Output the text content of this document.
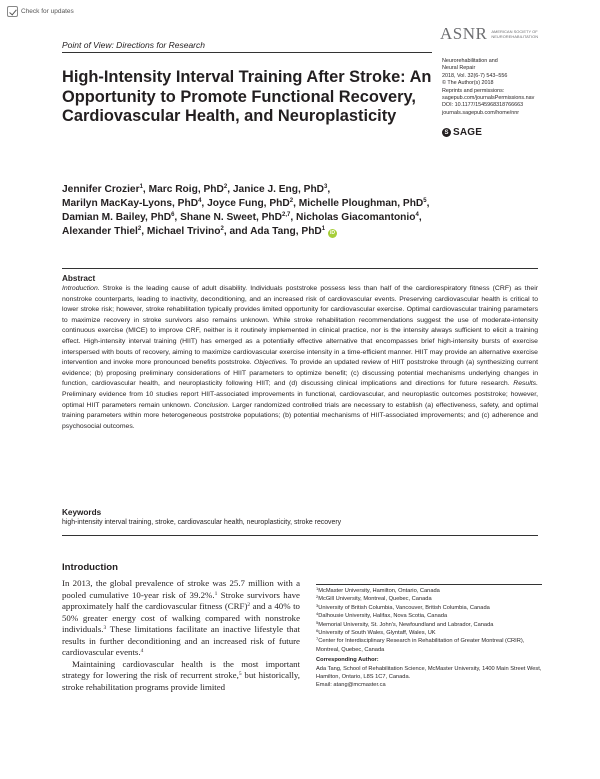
Check for updates
Point of View: Directions for Research
ASNR AMERICAN SOCIETY OF NEUROREHABILITATION
Neurorehabilitation and
Neural Repair
2018, Vol. 32(6-7) 543–556
© The Author(s) 2018
Reprints and permissions:
sagepub.com/journalsPermissions.nav
DOI: 10.1177/1545968318766663
journals.sagepub.com/home/nnr
S SAGE
High-Intensity Interval Training After Stroke: An Opportunity to Promote Functional Recovery, Cardiovascular Health, and Neuroplasticity
Jennifer Crozier$^1$, Marc Roig, PhD$^2$, Janice J. Eng, PhD$^3$,
Marilyn MacKay-Lyons, PhD$^4$, Joyce Fung, PhD$^2$, Michelle Ploughman, PhD$^5$,
Damian M. Bailey, PhD$^6$, Shane N. Sweet, PhD$^{2,7}$, Nicholas Giacomantonio$^4$,
Alexander Thiel$^2$, Michael Trivino$^2$, and Ada Tang, PhD$^1$ iD
Abstract
Introduction. Stroke is the leading cause of adult disability. Individuals poststroke possess less than half of the cardiorespiratory fitness (CRF) as their nonstroke counterparts, leading to inactivity, deconditioning, and an increased risk of cardiovascular events. Preserving cardiovascular health is critical to lower stroke risk; however, stroke rehabilitation typically provides limited opportunity for cardiovascular exercise. Optimal cardiovascular training parameters to maximize recovery in stroke survivors also remains unknown. While stroke rehabilitation recommendations suggest the use of moderate-intensity continuous exercise (MICE) to improve CRF, neither is it routinely implemented in clinical practice, nor is the intensity always sufficient to elicit a training effect. High-intensity interval training (HIIT) has emerged as a potentially effective alternative that encompasses brief high-intensity bursts of exercise interspersed with bouts of recovery, aiming to maximize cardiovascular exercise intensity in a time-efficient manner. HIIT may provide an alternative exercise intervention and invoke more pronounced benefits poststroke. Objectives. To provide an updated review of HIIT poststroke through (a) synthesizing current evidence; (b) proposing preliminary considerations of HIIT parameters to optimize benefit; (c) discussing potential mechanisms underlying changes in function, cardiovascular health, and neuroplasticity following HIIT; and (d) discussing clinical implications and directions for future research. Results. Preliminary evidence from 10 studies report HIIT-associated improvements in functional, cardiovascular, and neuroplastic outcomes poststroke; however, optimal HIIT parameters remain unknown. Conclusion. Larger randomized controlled trials are necessary to establish (a) effectiveness, safety, and optimal training parameters within more heterogeneous poststroke populations; (b) potential mechanisms of HIIT-associated improvements; and (c) adherence and psychosocial outcomes.
Keywords
high-intensity interval training, stroke, cardiovascular health, neuroplasticity, stroke recovery
Introduction

In 2013, the global prevalence of stroke was 25.7 million with a pooled cumulative 10-year risk of 39.2%.$^1$ Stroke survivors have approximately half the cardiovascular fitness (CRF)$^2$ and a 40% to 50% greater energy cost of walking compared with nonstroke individuals.$^3$ These limitations facilitate an inactive lifestyle that results in further deconditioning and an increased risk of future cardiovascular events.$^4$

Maintaining cardiovascular health is the most important strategy for lowering the risk of recurrent stroke,$^5$ but historically, stroke rehabilitation programs provide limited

$^1$McMaster University, Hamilton, Ontario, Canada
$^2$McGill University, Montreal, Quebec, Canada
$^3$University of British Columbia, Vancouver, British Columbia, Canada
$^4$Dalhousie University, Halifax, Nova Scotia, Canada
$^5$Memorial University, St. John's, Newfoundland and Labrador, Canada
$^6$University of South Wales, Glyntaff, Wales, UK
$^7$Center for Interdisciplinary Research in Rehabilitation of Greater Montreal (CRIR), Montreal, Quebec, Canada
Corresponding Author:
Ada Tang, School of Rehabilitation Science, McMaster University, 1400 Main Street West, Hamilton, Ontario, L8S 1C7, Canada.
Email: atang@mcmaster.ca
